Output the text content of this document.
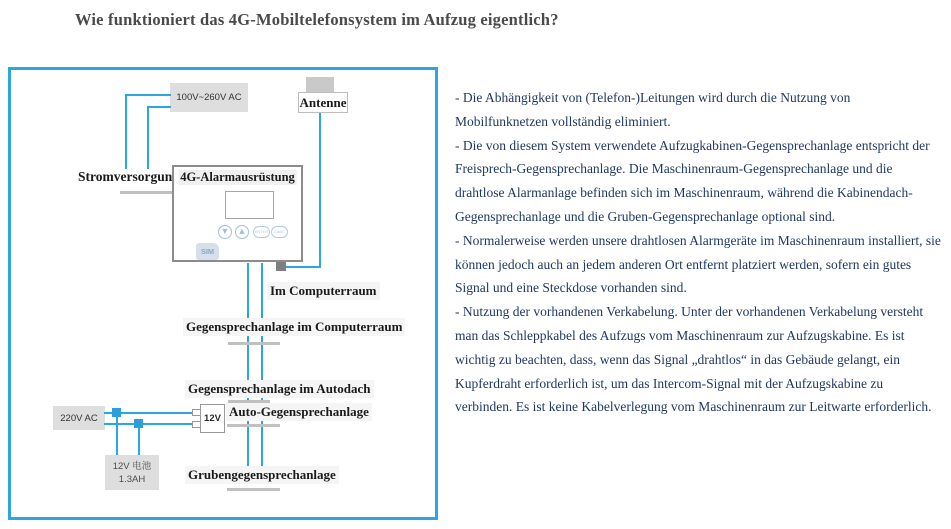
Wie funktioniert das 4G-Mobiltelefonsystem im Aufzug eigentlich?
100V~260V AC	Antenne
Stromversorgun 4G-Alarmausrüstung
▼ ▲	ENTER	CANC
SIM
Im Computerraum
Gegensprechanlage im Computerraum
Gegensprechanlage im Autodach
Auto-Gegensprechanlage
Grubengegensprechanlage
220V AC
12V 电池
1.3AH
12V
- Die Abhängigkeit von (Telefon-)Leitungen wird durch die Nutzung von Mobilfunknetzen vollständig eliminiert.
- Die von diesem System verwendete Aufzugkabinen-Gegensprechanlage entspricht der Freisprech-Gegensprechanlage. Die Maschinenraum-Gegensprechanlage und die drahtlose Alarmanlage befinden sich im Maschinenraum, während die Kabinendach-Gegensprechanlage und die Gruben-Gegensprechanlage optional sind.
- Normalerweise werden unsere drahtlosen Alarmgeräte im Maschinenraum installiert, sie können jedoch auch an jedem anderen Ort entfernt platziert werden, sofern ein gutes Signal und eine Steckdose vorhanden sind.
- Nutzung der vorhandenen Verkabelung. Unter der vorhandenen Verkabelung versteht man das Schleppkabel des Aufzugs vom Maschinenraum zur Aufzugskabine. Es ist wichtig zu beachten, dass, wenn das Signal „drahtlos“ in das Gebäude gelangt, ein Kupferdraht erforderlich ist, um das Intercom-Signal mit der Aufzugskabine zu verbinden. Es ist keine Kabelverlegung vom Maschinenraum zur Leitwarte erforderlich.
